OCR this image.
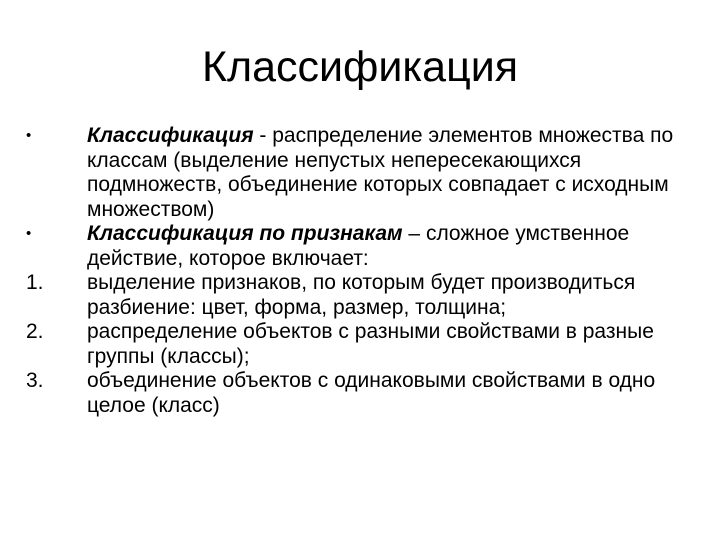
Классификация
•	Классификация - распределение элементов множества по классам (выделение непустых непересекающихся подмножеств, объединение которых совпадает с исходным множеством)
•	Классификация по признакам – сложное умственное действие, которое включает:
1.	выделение признаков, по которым будет производиться разбиение: цвет, форма, размер, толщина;
2.	распределение объектов с разными свойствами в разные группы (классы);
3.	объединение объектов с одинаковыми свойствами в одно целое (класс)
